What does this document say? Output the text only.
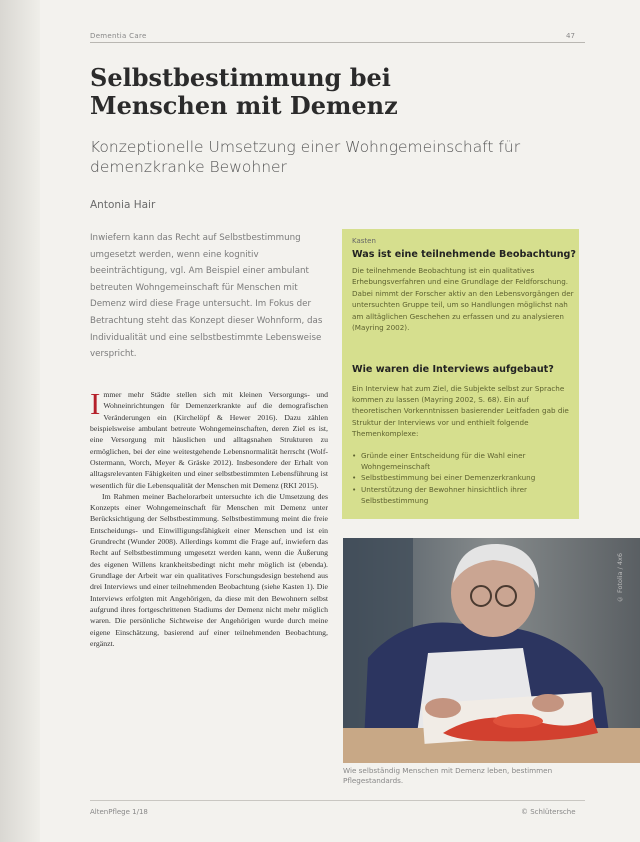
Dementia Care	47
Selbstbestimmung bei Menschen mit Demenz
Konzeptionelle Umsetzung einer Wohngemeinschaft für demenzkranke Bewohner
Antonia Hair
Inwiefern kann das Recht auf Selbstbestimmung umgesetzt werden, wenn eine kognitiv beeinträchtigung, vgl. Am Beispiel einer ambulant betreuten Wohngemeinschaft für Menschen mit Demenz wird diese Frage untersucht. Im Fokus der Betrachtung steht das Konzept dieser Wohnform, das Individualität und eine selbstbestimmte Lebensweise verspricht.

Immer mehr Städte stellen sich mit kleinen Versorgungs- und Wohneinrichtungen für Demenzerkrankte auf die demografischen Veränderungen ein (Kirchelöpf & Hewer 2016). Dazu zählen beispielsweise ambulant betreute Wohngemeinschaften, deren Ziel es ist, eine Versorgung mit häuslichen und alltagsnahen Strukturen zu ermöglichen, bei der eine weitestgehende Lebensnormalität herrscht (Wolf-Ostermann, Worch, Meyer & Gräske 2012). Insbesondere der Erhalt von alltagsrelevanten Fähigkeiten und einer selbstbestimmten Lebensführung ist wesentlich für die Lebensqualität der Menschen mit Demenz (RKI 2015).

Im Rahmen meiner Bachelorarbeit untersuchte ich die Umsetzung des Konzepts einer Wohngemeinschaft für Menschen mit Demenz unter Berücksichtigung der Selbstbestimmung. Selbstbestimmung meint die freie Entscheidungs- und Einwilligungsfähigkeit einer Menschen und ist ein Grundrecht (Wunder 2008). Allerdings kommt die Frage auf, inwiefern das Recht auf Selbstbestimmung umgesetzt werden kann, wenn die Äußerung des eigenen Willens krankheitsbedingt nicht mehr möglich ist (ebenda). Grundlage der Arbeit war ein qualitatives Forschungsdesign bestehend aus drei Interviews und einer teilnehmenden Beobachtung (siehe Kasten 1). Die Interviews erfolgten mit Angehörigen, da diese mit den Bewohnern selbst aufgrund ihres fortgeschrittenen Stadiums der Demenz nicht mehr möglich waren. Die persönliche Sichtweise der Angehörigen wurde durch meine eigene Einschätzung, basierend auf einer teilnehmenden Beobachtung, ergänzt.

Kasten
Was ist eine teilnehmende Beobachtung?
Die teilnehmende Beobachtung ist ein qualitatives Erhebungsverfahren und eine Grundlage der Feldforschung. Dabei nimmt der Forscher aktiv an den Lebensvorgängen der untersuchten Gruppe teil, um so Handlungen möglichst nah am alltäglichen Geschehen zu erfassen und zu analysieren (Mayring 2002).
Wie waren die Interviews aufgebaut?
Ein Interview hat zum Ziel, die Subjekte selbst zur Sprache kommen zu lassen (Mayring 2002, S. 68). Ein auf theoretischen Vorkenntnissen basierender Leitfaden gab die Struktur der Interviews vor und enthielt folgende Themenkomplexe:
• Gründe einer Entscheidung für die Wahl einer Wohngemeinschaft
• Selbstbestimmung bei einer Demenzerkrankung
• Unterstützung der Bewohner hinsichtlich ihrer Selbstbestimmung
© Fotolia / 4x6
Wie selbständig Menschen mit Demenz leben, bestimmen Pflegestandards.
AltenPflege 1/18	© Schlütersche
